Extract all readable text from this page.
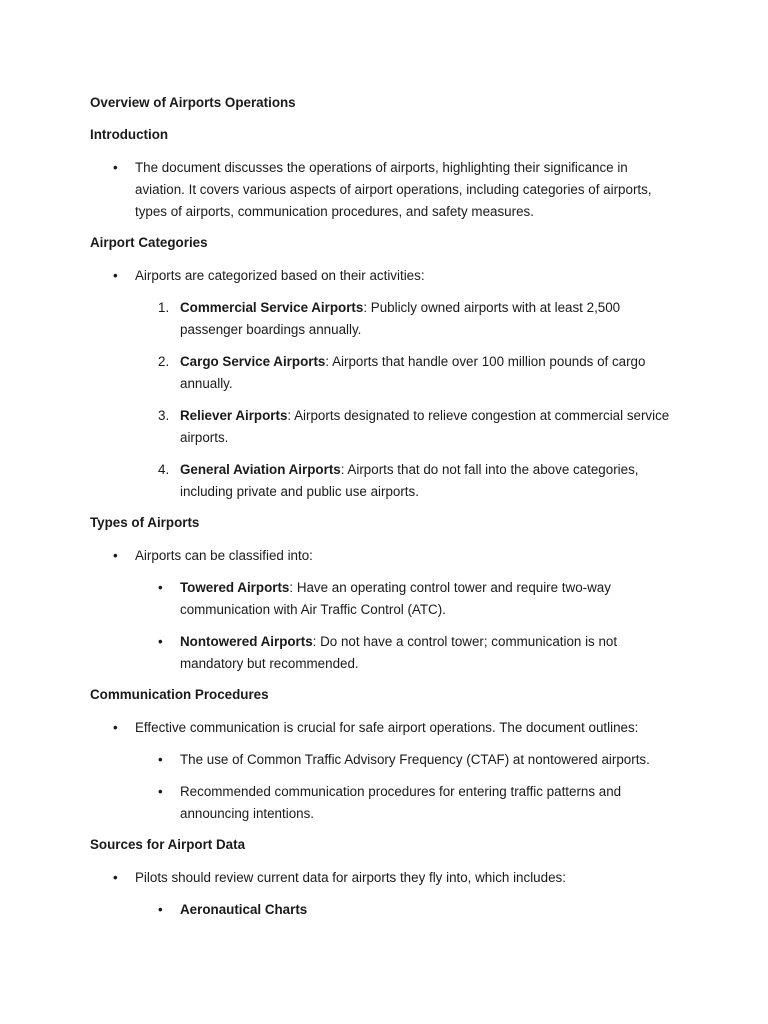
Overview of Airports Operations
Introduction
• The document discusses the operations of airports, highlighting their significance in aviation. It covers various aspects of airport operations, including categories of airports, types of airports, communication procedures, and safety measures.
Airport Categories
• Airports are categorized based on their activities:
1. Commercial Service Airports: Publicly owned airports with at least 2,500 passenger boardings annually.
2. Cargo Service Airports: Airports that handle over 100 million pounds of cargo annually.
3. Reliever Airports: Airports designated to relieve congestion at commercial service airports.
4. General Aviation Airports: Airports that do not fall into the above categories, including private and public use airports.
Types of Airports
• Airports can be classified into:
• Towered Airports: Have an operating control tower and require two-way communication with Air Traffic Control (ATC).
• Nontowered Airports: Do not have a control tower; communication is not mandatory but recommended.
Communication Procedures
• Effective communication is crucial for safe airport operations. The document outlines:
• The use of Common Traffic Advisory Frequency (CTAF) at nontowered airports.
• Recommended communication procedures for entering traffic patterns and announcing intentions.
Sources for Airport Data
• Pilots should review current data for airports they fly into, which includes:
• Aeronautical Charts
